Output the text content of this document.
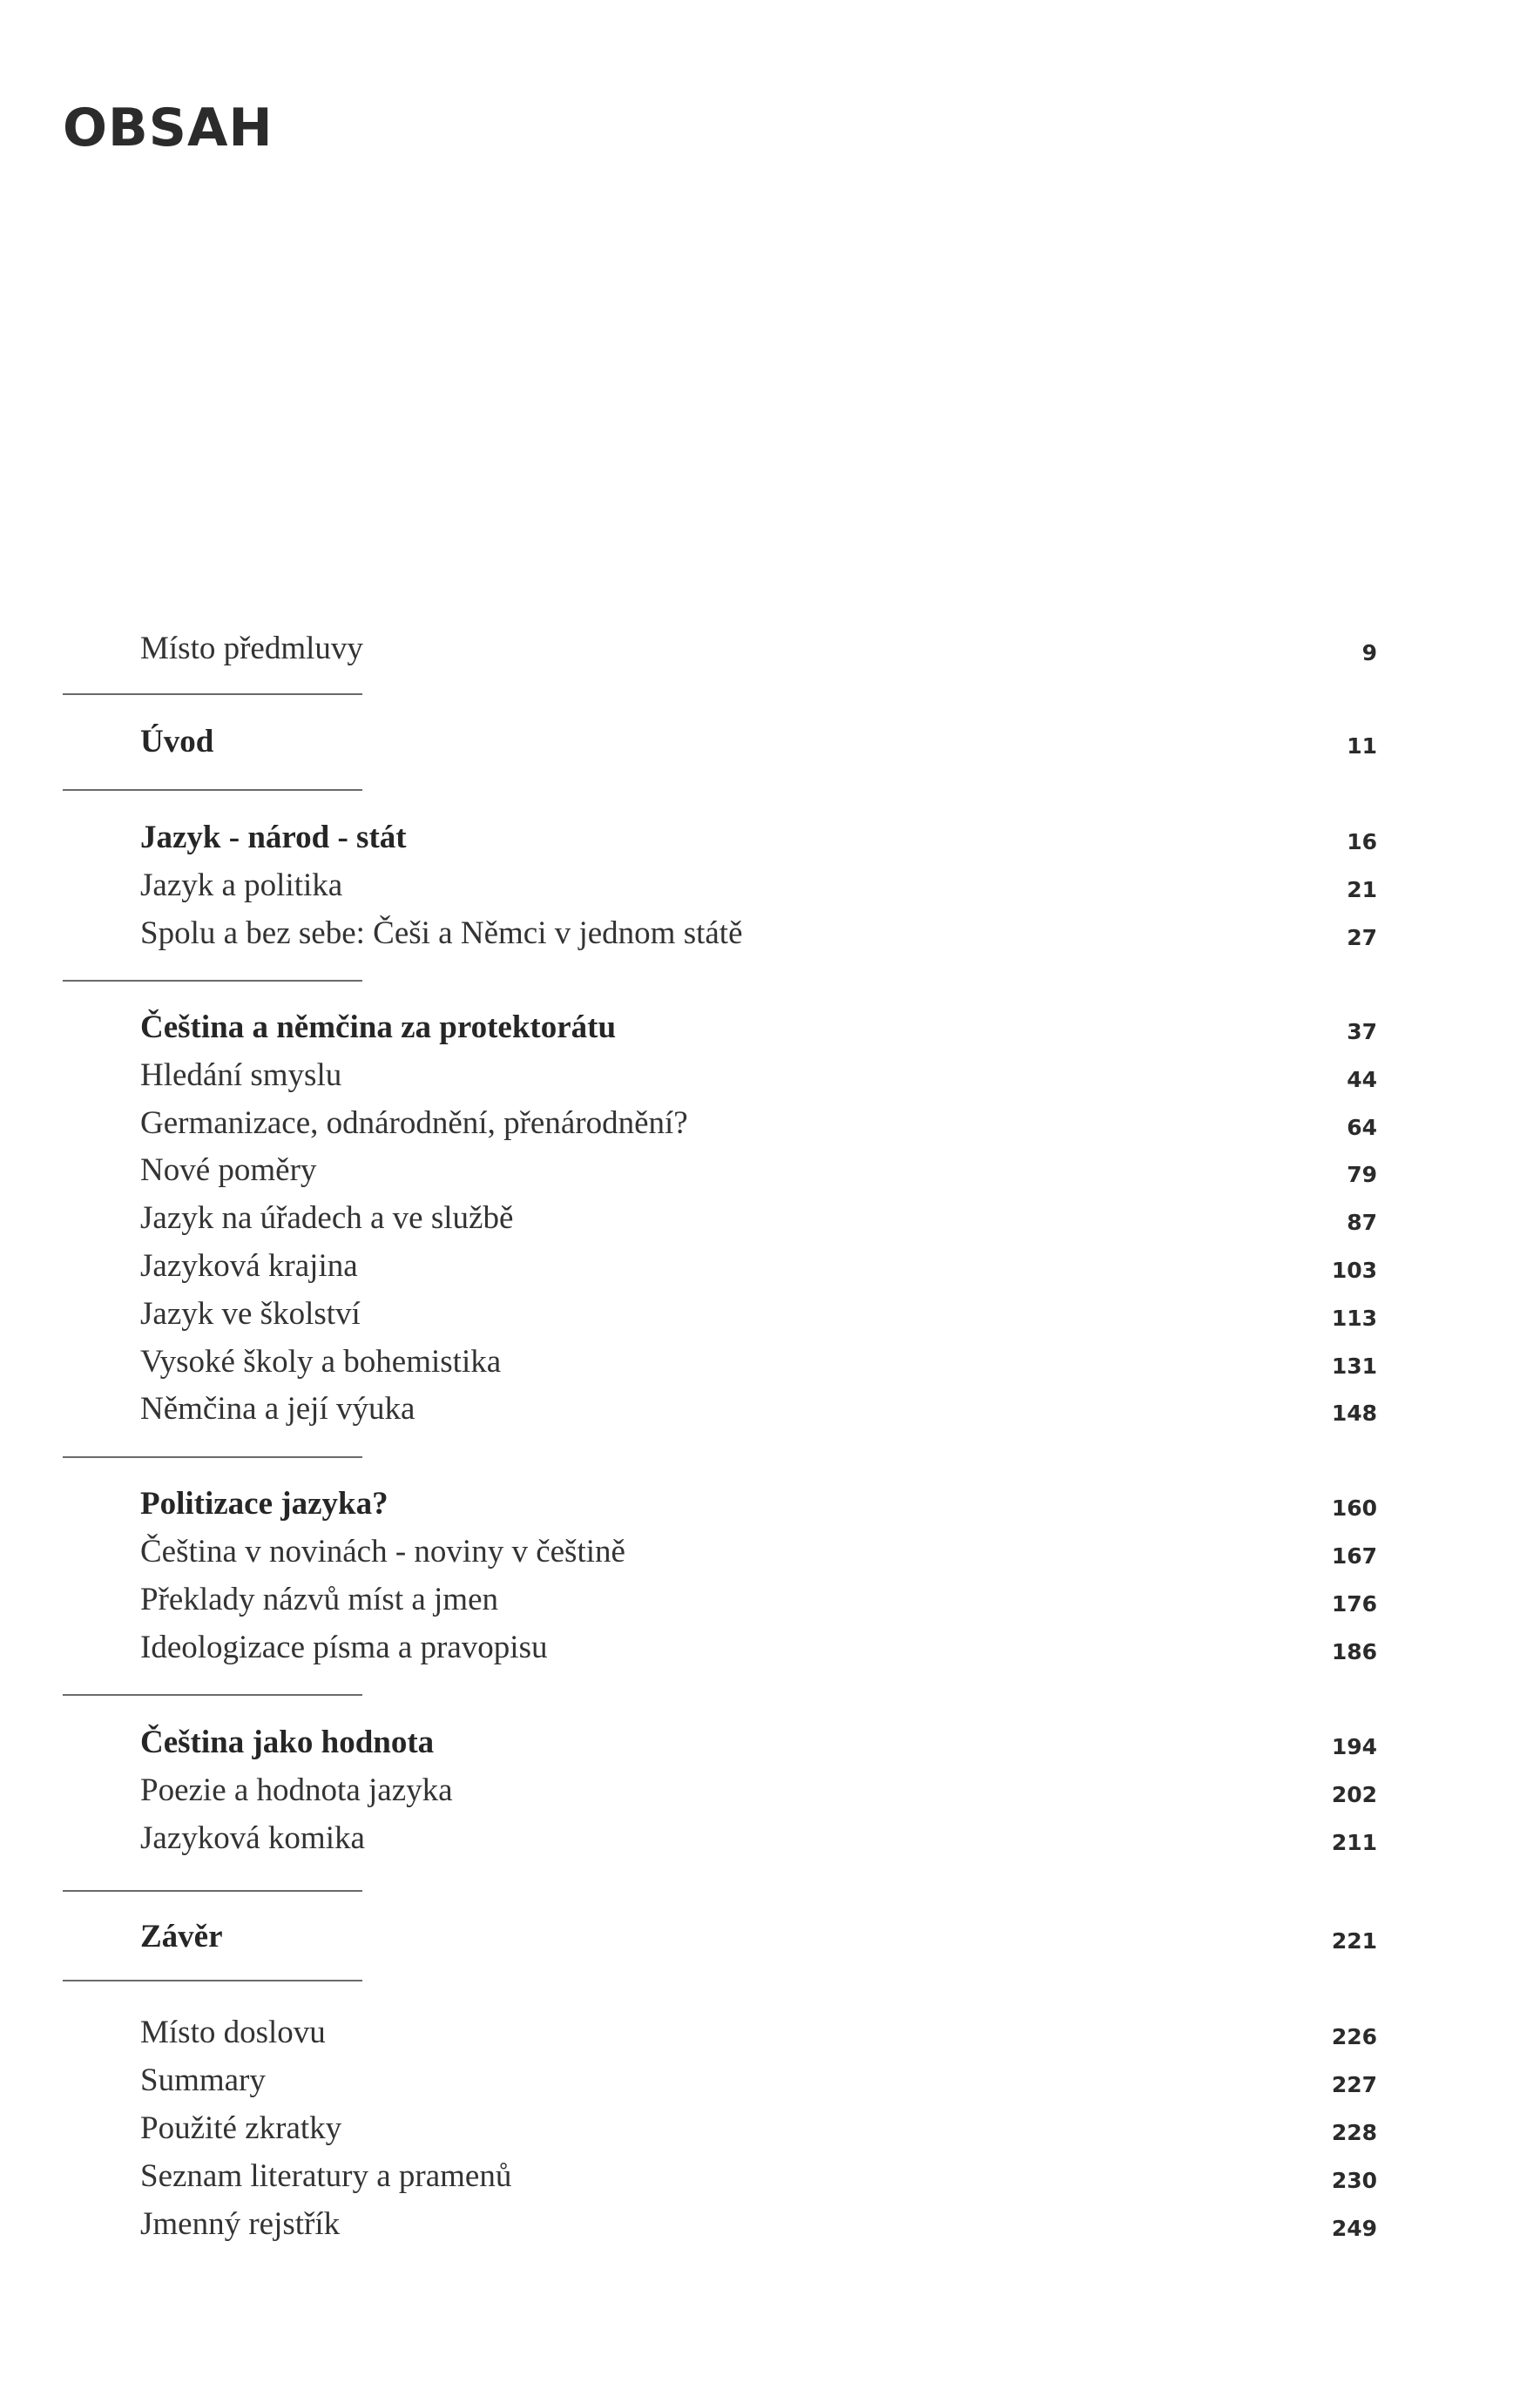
OBSAH
Místo předmluvy	9
Úvod	11
Jazyk - národ - stát	16
Jazyk a politika	21
Spolu a bez sebe: Češi a Němci v jednom státě	27
Čeština a němčina za protektorátu	37
Hledání smyslu	44
Germanizace, odnárodnění, přenárodnění?	64
Nové poměry	79
Jazyk na úřadech a ve službě	87
Jazyková krajina	103
Jazyk ve školství	113
Vysoké školy a bohemistika	131
Němčina a její výuka	148
Politizace jazyka?	160
Čeština v novinách - noviny v češtině	167
Překlady názvů míst a jmen	176
Ideologizace písma a pravopisu	186
Čeština jako hodnota	194
Poezie a hodnota jazyka	202
Jazyková komika	211
Závěr	221
Místo doslovu	226
Summary	227
Použité zkratky	228
Seznam literatury a pramenů	230
Jmenný rejstřík	249
